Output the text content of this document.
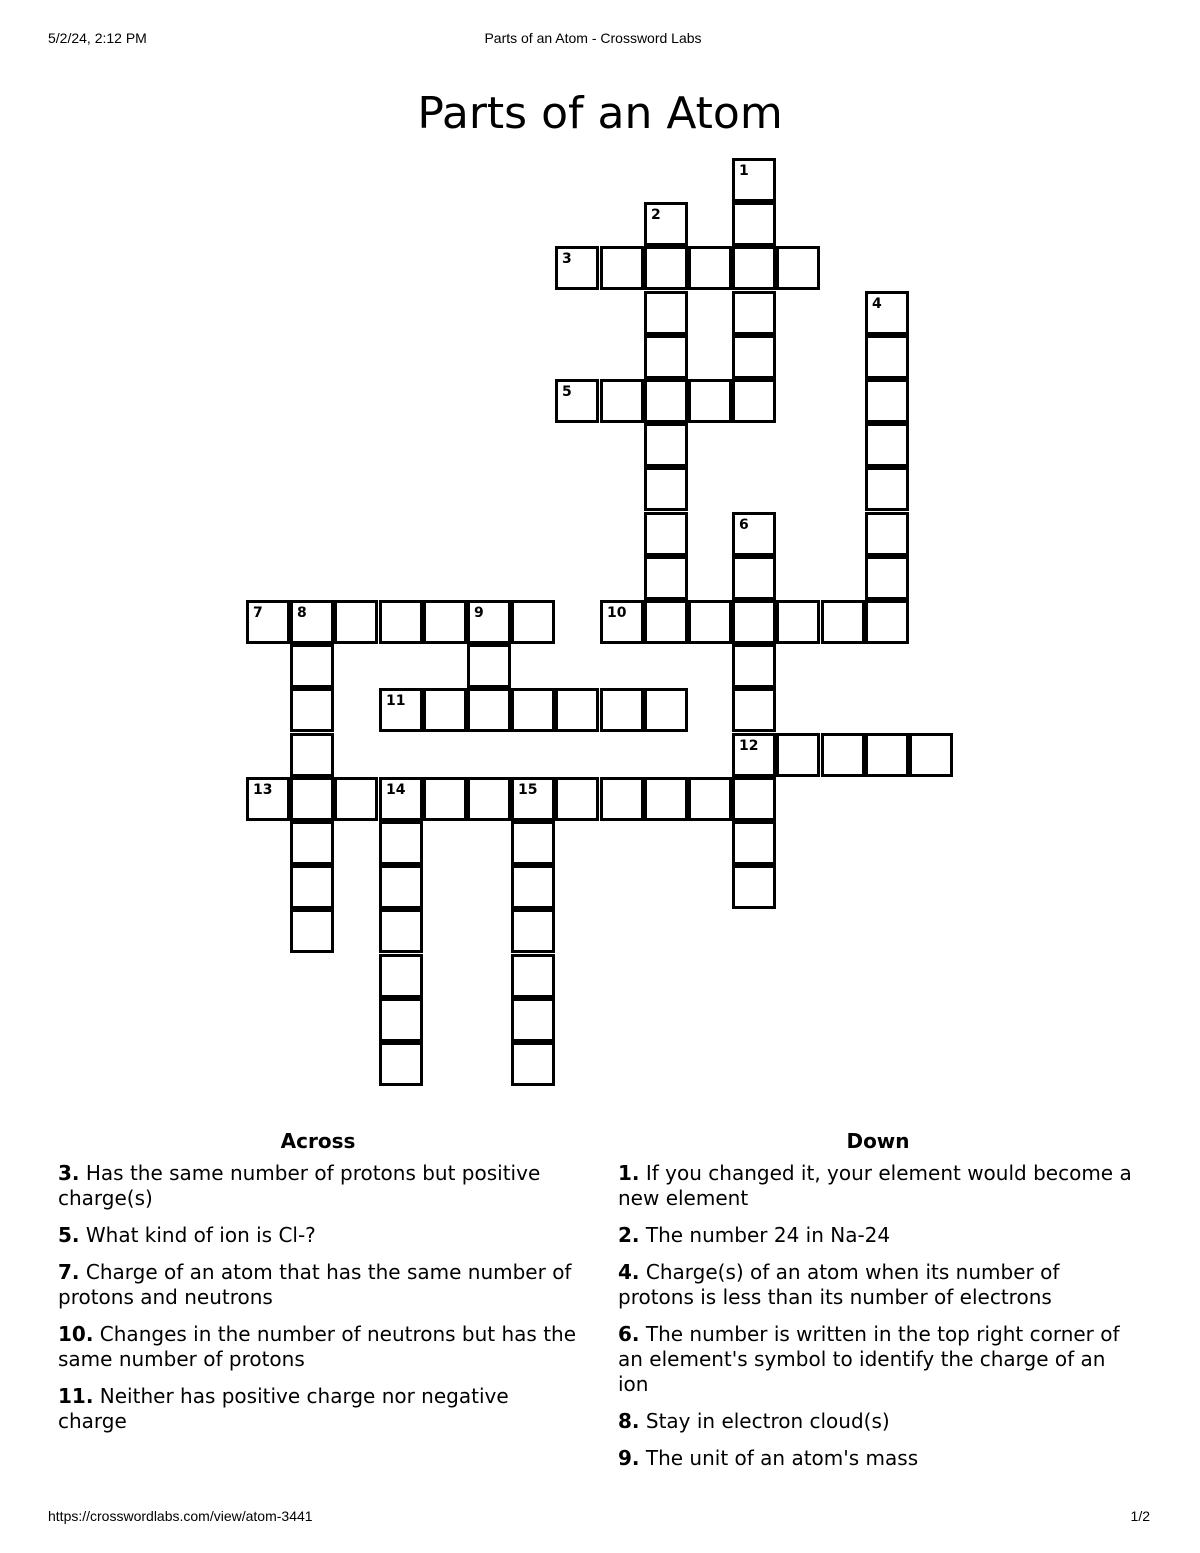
5/2/24, 2:12 PM	Parts of an Atom - Crossword Labs
Parts of an Atom
1
2
3
4
5
6
12
7 8	9	10
11
13	14	15
Across
3. Has the same number of protons but positive charge(s)
5. What kind of ion is Cl-?
7. Charge of an atom that has the same number of protons and neutrons
10. Changes in the number of neutrons but has the same number of protons
11. Neither has positive charge nor negative charge
Down
1. If you changed it, your element would become a new element
2. The number 24 in Na-24
4. Charge(s) of an atom when its number of protons is less than its number of electrons
6. The number is written in the top right corner of an element's symbol to identify the charge of an ion
8. Stay in electron cloud(s)
9. The unit of an atom's mass
https://crosswordlabs.com/view/atom-3441	1/2
